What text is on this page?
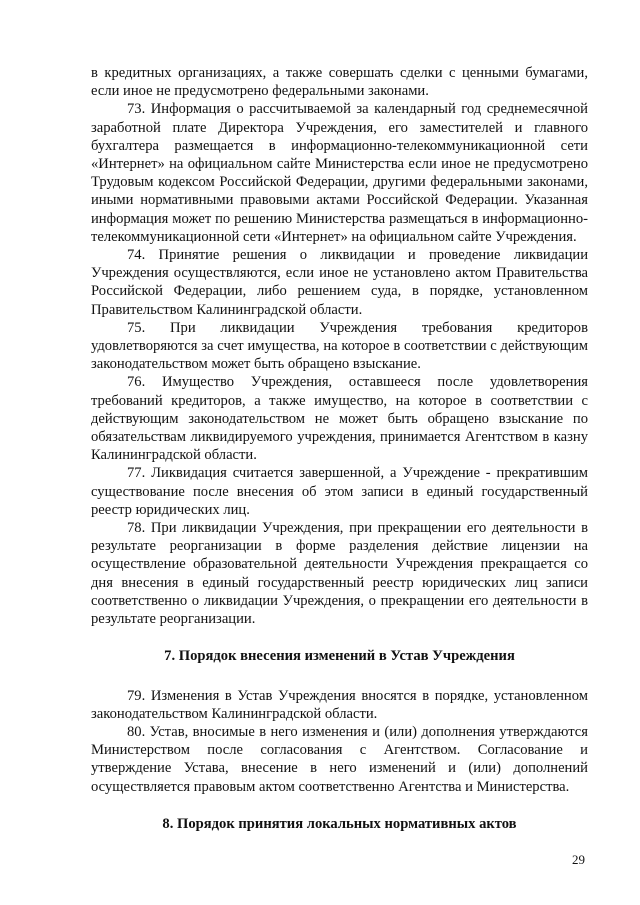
в кредитных организациях, а также совершать сделки с ценными бумагами, если иное не предусмотрено федеральными законами.

73. Информация о рассчитываемой за календарный год среднемесячной заработной плате Директора Учреждения, его заместителей и главного бухгалтера размещается в информационно-телекоммуникационной сети «Интернет» на официальном сайте Министерства если иное не предусмотрено Трудовым кодексом Российской Федерации, другими федеральными законами, иными нормативными правовыми актами Российской Федерации. Указанная информация может по решению Министерства размещаться в информационно-телекоммуникационной сети «Интернет» на официальном сайте Учреждения.

74. Принятие решения о ликвидации и проведение ликвидации Учреждения осуществляются, если иное не установлено актом Правительства Российской Федерации, либо решением суда, в порядке, установленном Правительством Калининградской области.

75. При ликвидации Учреждения требования кредиторов удовлетворяются за счет имущества, на которое в соответствии с действующим законодательством может быть обращено взыскание.

76. Имущество Учреждения, оставшееся после удовлетворения требований кредиторов, а также имущество, на которое в соответствии с действующим законодательством не может быть обращено взыскание по обязательствам ликвидируемого учреждения, принимается Агентством в казну Калининградской области.

77. Ликвидация считается завершенной, а Учреждение - прекратившим существование после внесения об этом записи в единый государственный реестр юридических лиц.

78. При ликвидации Учреждения, при прекращении его деятельности в результате реорганизации в форме разделения действие лицензии на осуществление образовательной деятельности Учреждения прекращается со дня внесения в единый государственный реестр юридических лиц записи соответственно о ликвидации Учреждения, о прекращении его деятельности в результате реорганизации.

7. Порядок внесения изменений в Устав Учреждения

79. Изменения в Устав Учреждения вносятся в порядке, установленном законодательством Калининградской области.

80. Устав, вносимые в него изменения и (или) дополнения утверждаются Министерством после согласования с Агентством. Согласование и утверждение Устава, внесение в него изменений и (или) дополнений осуществляется правовым актом соответственно Агентства и Министерства.

8. Порядок принятия локальных нормативных актов

29
